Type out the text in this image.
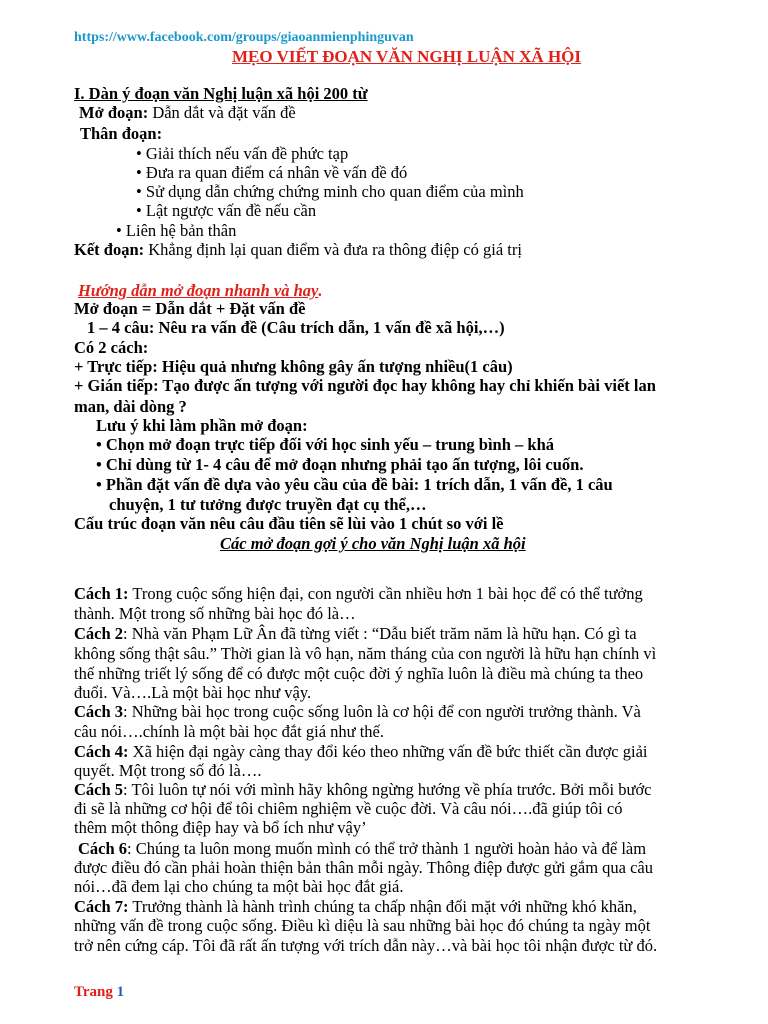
https://www.facebook.com/groups/giaoanmienphinguvan
MẸO VIẾT ĐOẠN VĂN NGHỊ LUẬN XÃ HỘI
I. Dàn ý đoạn văn Nghị luận xã hội 200 từ
Mở đoạn: Dẫn dắt và đặt vấn đề
Thân đoạn:
• Giải thích nếu vấn đề phức tạp
• Đưa ra quan điểm cá nhân về vấn đề đó
• Sử dụng dẫn chứng chứng minh cho quan điểm của mình
• Lật ngược vấn đề nếu cần
• Liên hệ bản thân
Kết đoạn: Khẳng định lại quan điểm và đưa ra thông điệp có giá trị
Hướng dẫn mở đoạn nhanh và hay.
Mở đoạn = Dẫn dắt + Đặt vấn đề
1 – 4 câu: Nêu ra vấn đề (Câu trích dẫn, 1 vấn đề xã hội,…)
Có 2 cách:
+ Trực tiếp: Hiệu quả nhưng không gây ấn tượng nhiều(1 câu)
+ Gián tiếp: Tạo được ấn tượng với người đọc hay không hay chỉ khiến bài viết lan
man, dài dòng ?
Lưu ý khi làm phần mở đoạn:
• Chọn mở đoạn trực tiếp đối với học sinh yếu – trung bình – khá
• Chỉ dùng từ 1- 4 câu để mở đoạn nhưng phải tạo ấn tượng, lôi cuốn.
• Phần đặt vấn đề dựa vào yêu cầu của đề bài: 1 trích dẫn, 1 vấn đề, 1 câu
chuyện, 1 tư tưởng được truyền đạt cụ thể,…
Cấu trúc đoạn văn nêu câu đầu tiên sẽ lùi vào 1 chút so với lề
Các mở đoạn gợi ý cho văn Nghị luận xã hội
Cách 1: Trong cuộc sống hiện đại, con người cần nhiều hơn 1 bài học để có thể tưởng
thành. Một trong số những bài học đó là…
Cách 2: Nhà văn Phạm Lữ Ân đã từng viết : “Dẫu biết trăm năm là hữu hạn. Có gì ta
không sống thật sâu.” Thời gian là vô hạn, năm tháng của con người là hữu hạn chính vì
thế những triết lý sống để có được một cuộc đời ý nghĩa luôn là điều mà chúng ta theo
đuổi. Và….Là một bài học như vậy.
Cách 3: Những bài học trong cuộc sống luôn là cơ hội để con người trưởng thành. Và
câu nói….chính là một bài học đắt giá như thế.
Cách 4: Xã hiện đại ngày càng thay đổi kéo theo những vấn đề bức thiết cần được giải
quyết. Một trong số đó là….
Cách 5: Tôi luôn tự nói với mình hãy không ngừng hướng về phía trước. Bởi mỗi bước
đi sẽ là những cơ hội để tôi chiêm nghiệm về cuộc đời. Và câu nói….đã giúp tôi có
thêm một thông điệp hay và bổ ích như vậy’
Cách 6: Chúng ta luôn mong muốn mình có thể trở thành 1 người hoàn hảo và để làm
được điều đó cần phải hoàn thiện bản thân mỗi ngày. Thông điệp được gửi gắm qua câu
nói…đã đem lại cho chúng ta một bài học đắt giá.
Cách 7: Trưởng thành là hành trình chúng ta chấp nhận đối mặt với những khó khăn,
những vấn đề trong cuộc sống. Điều kì diệu là sau những bài học đó chúng ta ngày một
trở nên cứng cáp. Tôi đã rất ấn tượng với trích dẫn này…và bài học tôi nhận được từ đó.
Trang 1
